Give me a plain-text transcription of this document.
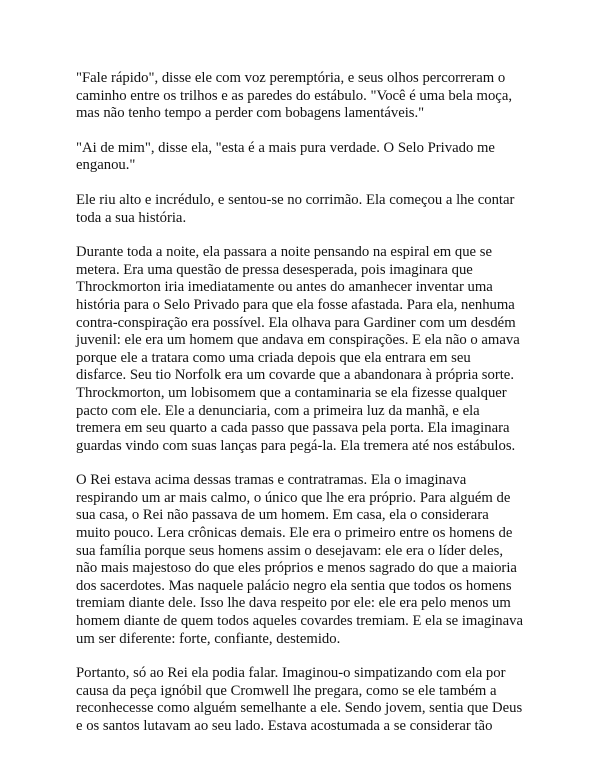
"Fale rápido", disse ele com voz peremptória, e seus olhos percorreram o
caminho entre os trilhos e as paredes do estábulo. "Você é uma bela moça,
mas não tenho tempo a perder com bobagens lamentáveis."

"Ai de mim", disse ela, "esta é a mais pura verdade. O Selo Privado me
enganou."

Ele riu alto e incrédulo, e sentou-se no corrimão. Ela começou a lhe contar
toda a sua história.

Durante toda a noite, ela passara a noite pensando na espiral em que se
metera. Era uma questão de pressa desesperada, pois imaginara que
Throckmorton iria imediatamente ou antes do amanhecer inventar uma
história para o Selo Privado para que ela fosse afastada. Para ela, nenhuma
contra-conspiração era possível. Ela olhava para Gardiner com um desdém
juvenil: ele era um homem que andava em conspirações. E ela não o amava
porque ele a tratara como uma criada depois que ela entrara em seu
disfarce. Seu tio Norfolk era um covarde que a abandonara à própria sorte.
Throckmorton, um lobisomem que a contaminaria se ela fizesse qualquer
pacto com ele. Ele a denunciaria, com a primeira luz da manhã, e ela
tremera em seu quarto a cada passo que passava pela porta. Ela imaginara
guardas vindo com suas lanças para pegá-la. Ela tremera até nos estábulos.

O Rei estava acima dessas tramas e contratramas. Ela o imaginava
respirando um ar mais calmo, o único que lhe era próprio. Para alguém de
sua casa, o Rei não passava de um homem. Em casa, ela o considerara
muito pouco. Lera crônicas demais. Ele era o primeiro entre os homens de
sua família porque seus homens assim o desejavam: ele era o líder deles,
não mais majestoso do que eles próprios e menos sagrado do que a maioria
dos sacerdotes. Mas naquele palácio negro ela sentia que todos os homens
tremiam diante dele. Isso lhe dava respeito por ele: ele era pelo menos um
homem diante de quem todos aqueles covardes tremiam. E ela se imaginava
um ser diferente: forte, confiante, destemido.

Portanto, só ao Rei ela podia falar. Imaginou-o simpatizando com ela por
causa da peça ignóbil que Cromwell lhe pregara, como se ele também a
reconhecesse como alguém semelhante a ele. Sendo jovem, sentia que Deus
e os santos lutavam ao seu lado. Estava acostumada a se considerar tão
